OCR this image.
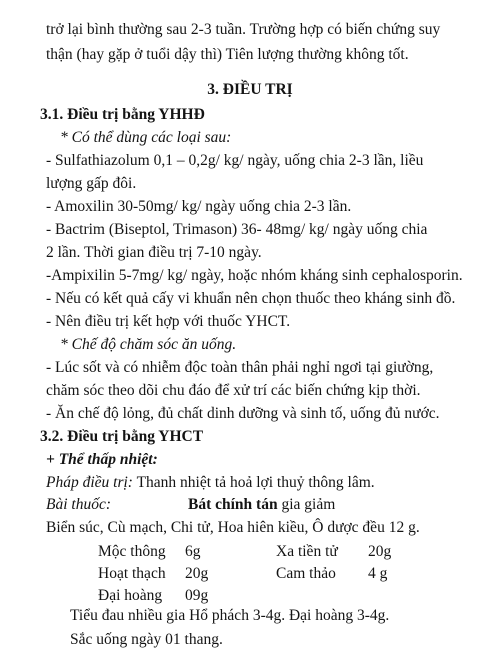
trở lại bình thường sau 2-3 tuần. Trường hợp có biến chứng suy
thận (hay gặp ở tuổi dậy thì) Tiên lượng thường không tốt.
3. ĐIỀU TRỊ
3.1. Điều trị bằng YHHĐ
* Có thể dùng các loại sau:
- Sulfathiazolum 0,1 – 0,2g/ kg/ ngày, uống chia 2-3 lần, liều
lượng gấp đôi.
- Amoxilin 30-50mg/ kg/ ngày uống chia 2-3 lần.
- Bactrim (Biseptol, Trimason) 36- 48mg/ kg/ ngày uống chia
2 lần. Thời gian điều trị 7-10 ngày.
-Ampixilin 5-7mg/ kg/ ngày, hoặc nhóm kháng sinh cephalosporin.
- Nếu có kết quả cấy vi khuẩn nên chọn thuốc theo kháng sinh đồ.
- Nên điều trị kết hợp với thuốc YHCT.
* Chế độ chăm sóc ăn uống.
- Lúc sốt và có nhiễm độc toàn thân phải nghỉ ngơi tại giường,
chăm sóc theo dõi chu đáo để xử trí các biến chứng kịp thời.
- Ăn chế độ lỏng, đủ chất dinh dưỡng và sinh tố, uống đủ nước.
3.2. Điều trị bằng YHCT
+ Thể thấp nhiệt:
Pháp điều trị: Thanh nhiệt tả hoả lợi thuỷ thông lâm.
Bài thuốc:	Bát chính tán gia giảm
Biển súc, Cù mạch, Chi tử, Hoa hiên kiều, Ô dược đều 12 g.
Mộc thông 6g	Xa tiền tử 20g
Hoạt thạch 20g	Cam thảo 4 g
Đại hoàng 09g
Tiểu đau nhiều gia Hổ phách 3-4g. Đại hoàng 3-4g.
Sắc uống ngày 01 thang.
